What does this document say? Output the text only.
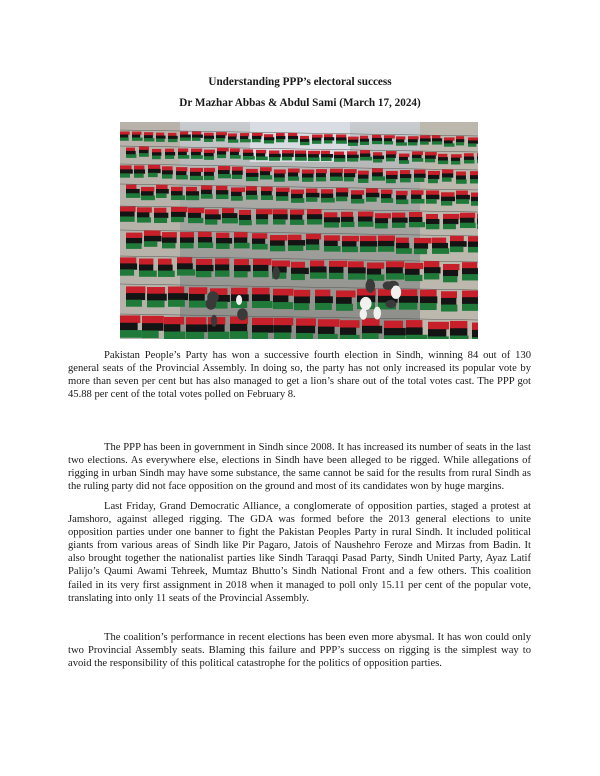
Understanding PPP’s electoral success
Dr Mazhar Abbas & Abdul Sami (March 17, 2024)

Pakistan People’s Party has won a successive fourth election in Sindh, winning 84 out of 130 general seats of the Provincial Assembly. In doing so, the party has not only increased its popular vote by more than seven per cent but has also managed to get a lion’s share out of the total votes cast. The PPP got 45.88 per cent of the total votes polled on February 8.

The PPP has been in government in Sindh since 2008. It has increased its number of seats in the last two elections. As everywhere else, elections in Sindh have been alleged to be rigged. While allegations of rigging in urban Sindh may have some substance, the same cannot be said for the results from rural Sindh as the ruling party did not face opposition on the ground and most of its candidates won by huge margins.

Last Friday, Grand Democratic Alliance, a conglomerate of opposition parties, staged a protest at Jamshoro, against alleged rigging. The GDA was formed before the 2013 general elections to unite opposition parties under one banner to fight the Pakistan Peoples Party in rural Sindh. It included political giants from various areas of Sindh like Pir Pagaro, Jatois of Naushehro Feroze and Mirzas from Badin. It also brought together the nationalist parties like Sindh Taraqqi Pasad Party, Sindh United Party, Ayaz Latif Palijo’s Qaumi Awami Tehreek, Mumtaz Bhutto’s Sindh National Front and a few others. This coalition failed in its very first assignment in 2018 when it managed to poll only 15.11 per cent of the popular vote, translating into only 11 seats of the Provincial Assembly.

The coalition’s performance in recent elections has been even more abysmal. It has won could only two Provincial Assembly seats. Blaming this failure and PPP’s success on rigging is the simplest way to avoid the responsibility of this political catastrophe for the politics of opposition parties.
